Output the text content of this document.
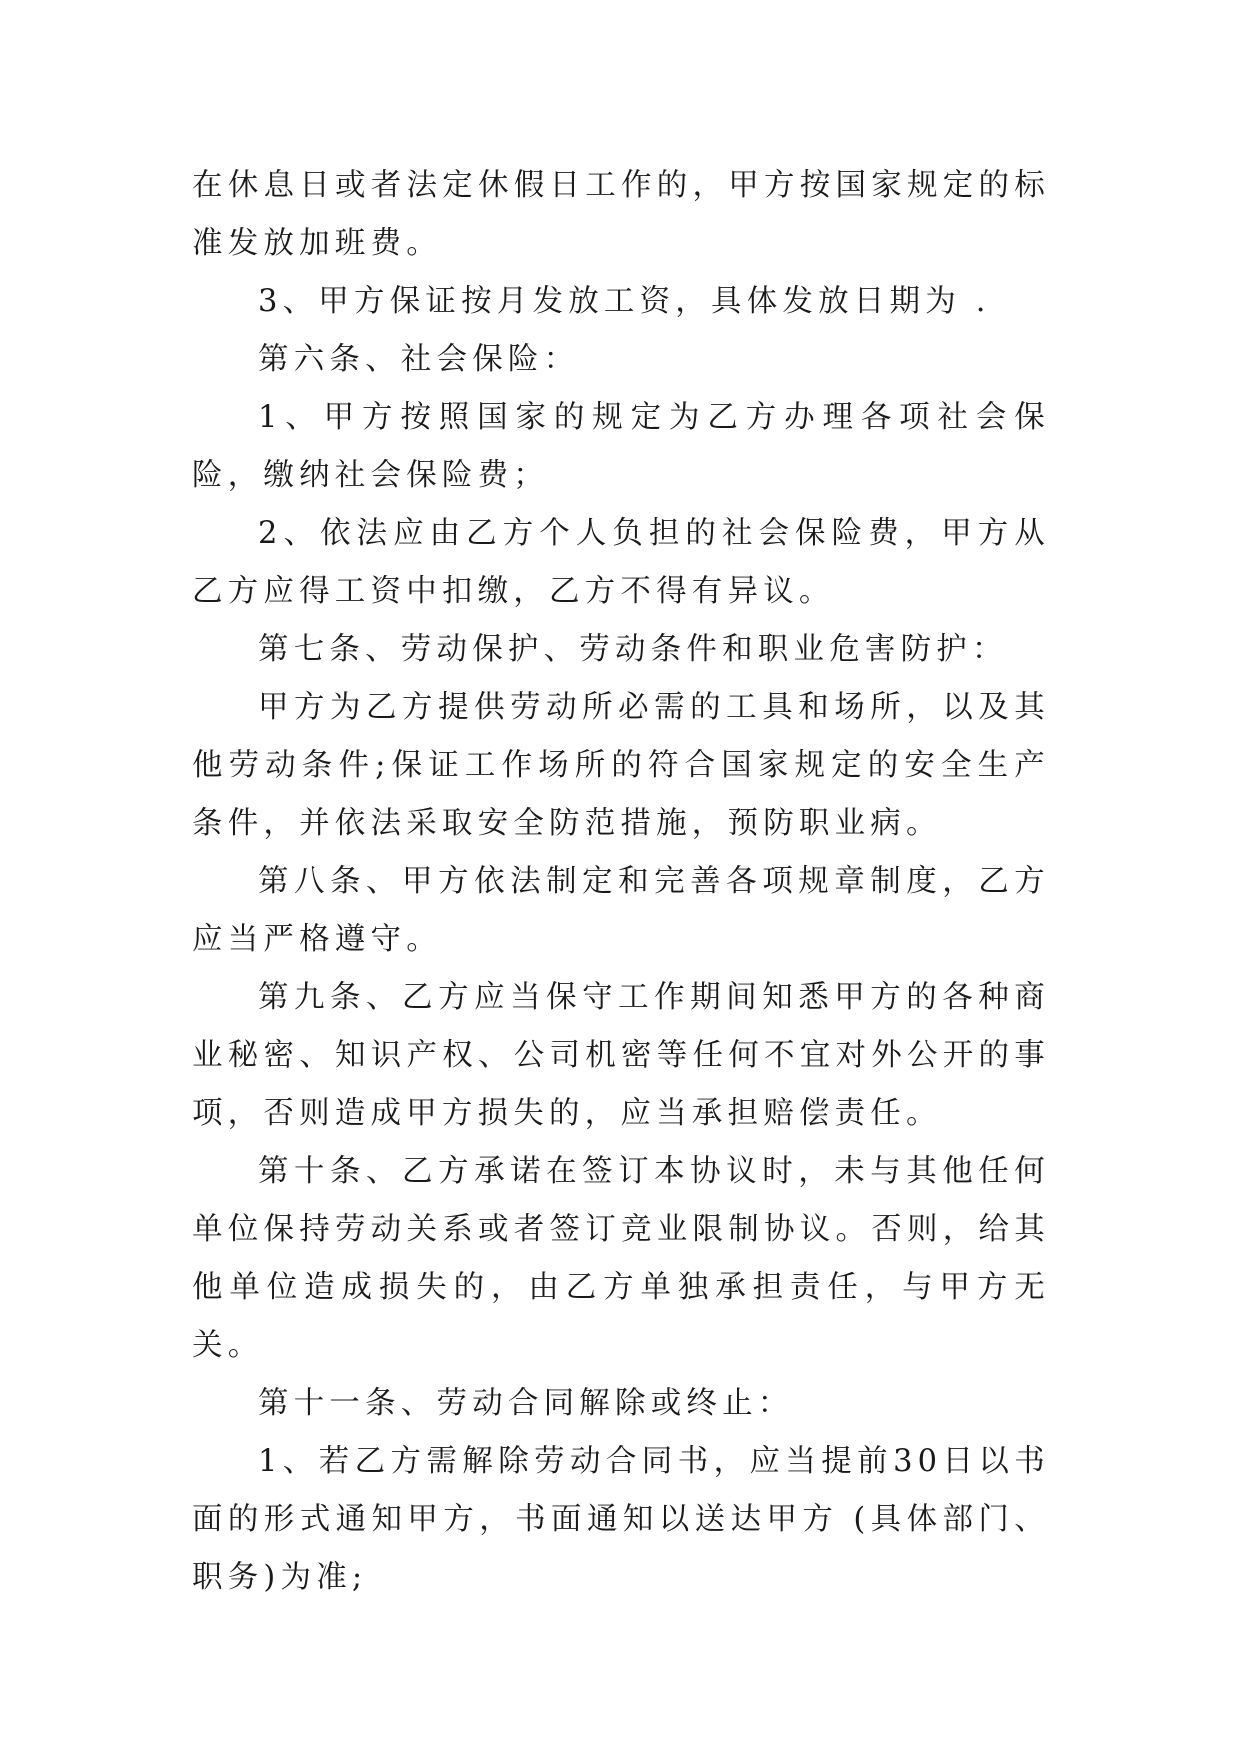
在休息日或者法定休假日工作的，甲方按国家规定的标准发放加班费。

3、甲方保证按月发放工资，具体发放日期为 .

第六条、社会保险：

1、甲方按照国家的规定为乙方办理各项社会保险，缴纳社会保险费；

2、依法应由乙方个人负担的社会保险费，甲方从乙方应得工资中扣缴，乙方不得有异议。

第七条、劳动保护、劳动条件和职业危害防护：

甲方为乙方提供劳动所必需的工具和场所，以及其他劳动条件;保证工作场所的符合国家规定的安全生产条件，并依法采取安全防范措施，预防职业病。

第八条、甲方依法制定和完善各项规章制度，乙方应当严格遵守。

第九条、乙方应当保守工作期间知悉甲方的各种商业秘密、知识产权、公司机密等任何不宜对外公开的事项，否则造成甲方损失的，应当承担赔偿责任。

第十条、乙方承诺在签订本协议时，未与其他任何单位保持劳动关系或者签订竞业限制协议。否则，给其他单位造成损失的，由乙方单独承担责任，与甲方无关。

第十一条、劳动合同解除或终止：

1、若乙方需解除劳动合同书，应当提前30日以书面的形式通知甲方，书面通知以送达甲方 (具体部门、职务)为准;
